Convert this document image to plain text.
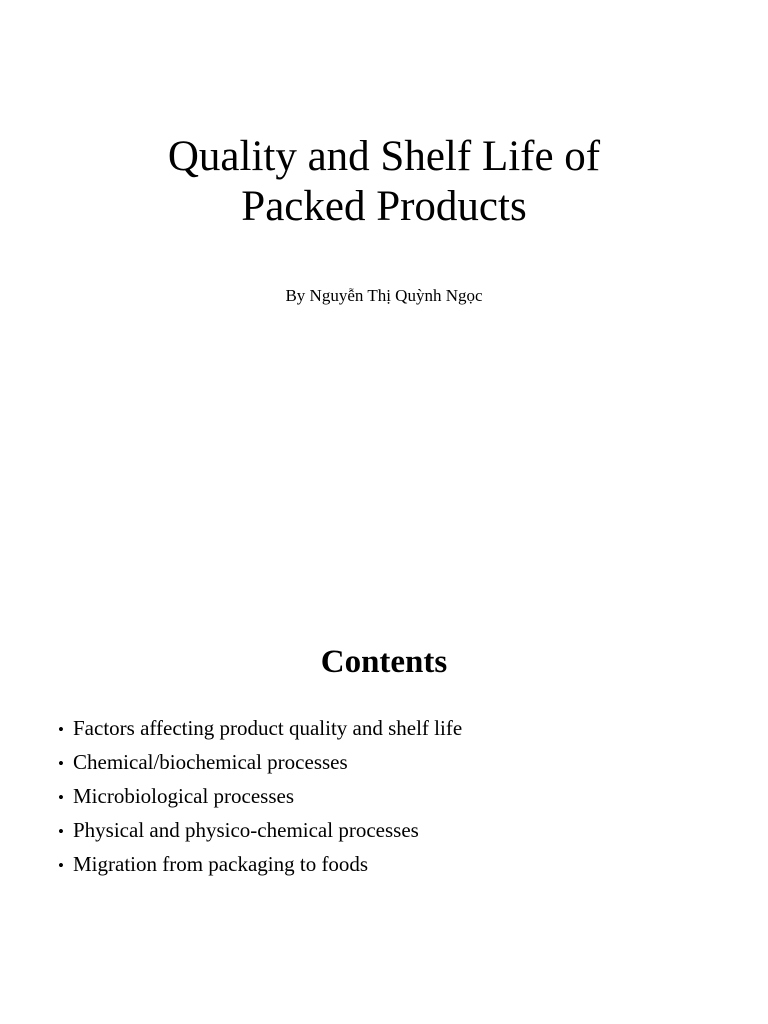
Quality and Shelf Life of
Packed Products

By Nguyễn Thị Quỳnh Ngọc

Contents
• Factors affecting product quality and shelf life
• Chemical/biochemical processes
• Microbiological processes
• Physical and physico-chemical processes
• Migration from packaging to foods
